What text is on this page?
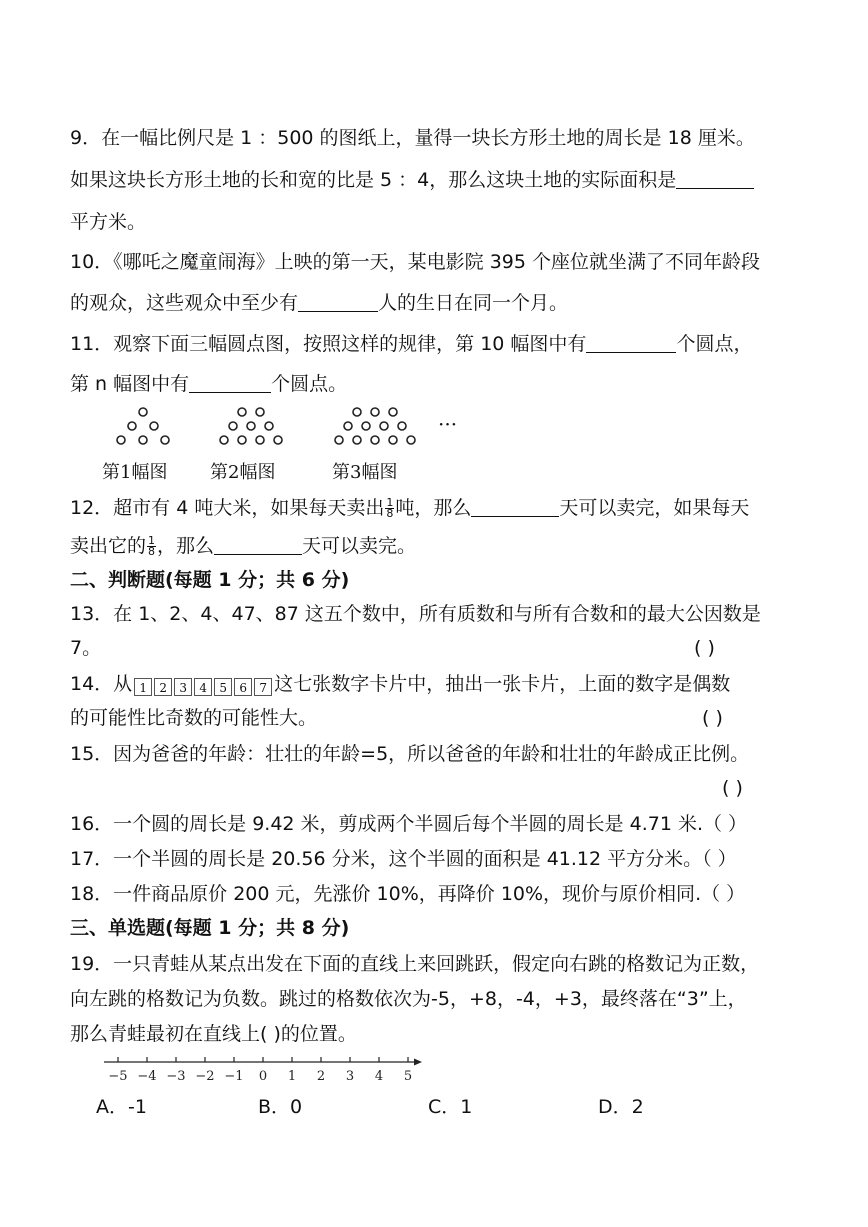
9．在一幅比例尺是 1 ：500 的图纸上，量得一块长方形土地的周长是 18 厘米。
如果这块长方形土地的长和宽的比是 5 ：4，那么这块土地的实际面积是
平方米。
10．《哪吒之魔童闹海》上映的第一天，某电影院 395 个座位就坐满了不同年龄段
的观众，这些观众中至少有	人的生日在同一个月。
11．观察下面三幅圆点图，按照这样的规律，第 10 幅图中有	个圆点，
第 n 幅图中有	个圆点。
···
第1幅图 第2幅图	第3幅图
12．超市有 4 吨大米，如果每天卖出 $\frac{1}{8}$ 吨，那么	天可以卖完，如果每天
卖出它的 $\frac{1}{8}$ ，那么	天可以卖完。
二、判断题(每题 1 分；共 6 分)
13．在 1、2、4、47、87 这五个数中，所有质数和与所有合数和的最大公因数是
7。	( )
14．从 1	2	3	4	5	6	7 这七张数字卡片中，抽出一张卡片，上面的数字是偶数
的可能性比奇数的可能性大。	( )
15．因为爸爸的年龄：壮壮的年龄=5，所以爸爸的年龄和壮壮的年龄成正比例。
( )
16．一个圆的周长是 9.42 米，剪成两个半圆后每个半圆的周长是 4.71 米.（ ）
17．一个半圆的周长是 20.56 分米，这个半圆的面积是 41.12 平方分米。（ ）
18．一件商品原价 200 元，先涨价 10%，再降价 10%，现价与原价相同.（ ）
三、单选题(每题 1 分；共 8 分)
19．一只青蛙从某点出发在下面的直线上来回跳跃，假定向右跳的格数记为正数，
向左跳的格数记为负数。跳过的格数依次为-5，+8，-4，+3，最终落在“3”上，
那么青蛙最初在直线上( )的位置。
−5 −4 −3 −2 −1 0 1 2 3 4 5
A．-1	B．0	C．1	D．2
